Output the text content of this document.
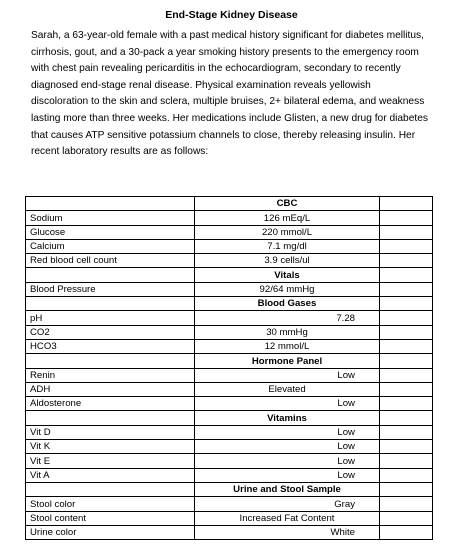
End-Stage Kidney Disease
Sarah, a 63-year-old female with a past medical history significant for diabetes mellitus,
cirrhosis, gout, and a 30-pack a year smoking history presents to the emergency room
with chest pain revealing pericarditis in the echocardiogram, secondary to recently
diagnosed end-stage renal disease. Physical examination reveals yellowish
discoloration to the skin and sclera, multiple bruises, 2+ bilateral edema, and weakness
lasting more than three weeks. Her medications include Glisten, a new drug for diabetes
that causes ATP sensitive potassium channels to close, thereby releasing insulin. Her
recent laboratory results are as follows:
	CBC	
Sodium	126 mEq/L	
Glucose	220 mmol/L	
Calcium	7.1 mg/dl	
Red blood cell count	3.9 cells/ul	
	Vitals	
Blood Pressure	92/64 mmHg	
	Blood Gases	
pH	7.28	
CO2	30 mmHg	
HCO3	12 mmol/L	
	Hormone Panel	
Renin	Low	
ADH	Elevated	
Aldosterone	Low	
	Vitamins	
Vit D	Low	
Vit K	Low	
Vit E	Low	
Vit A	Low	
	Urine and Stool Sample	
Stool color	Gray	
Stool content	Increased Fat Content	
Urine color	White	
